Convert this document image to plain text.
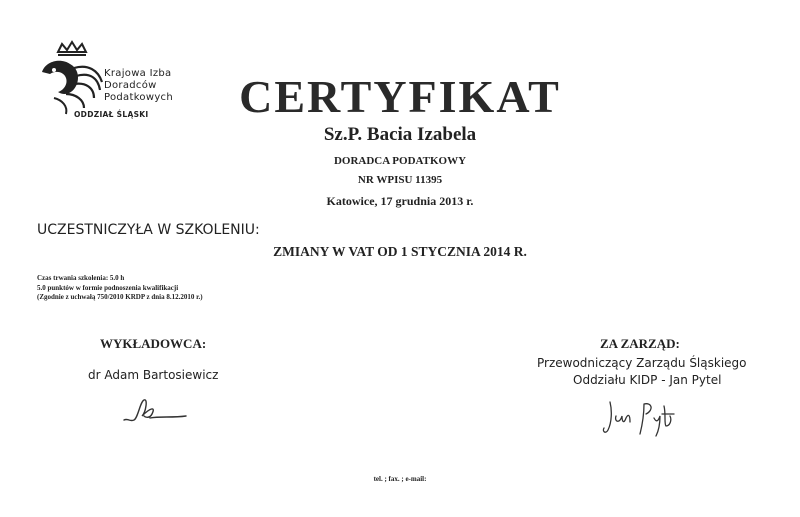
Krajowa Izba
Doradców
Podatkowych
ODDZIAŁ ŚLĄSKI	CERTYFIKAT
Sz.P. Bacia Izabela
DORADCA PODATKOWY
NR WPISU 11395
Katowice, 17 grudnia 2013 r.
UCZESTNICZYŁA W SZKOLENIU:
ZMIANY W VAT OD 1 STYCZNIA 2014 R.
Czas trwania szkolenia: 5.0 h
5.0 punktów w formie podnoszenia kwalifikacji
(Zgodnie z uchwałą 750/2010 KRDP z dnia 8.12.2010 r.)
WYKŁADOWCA:
dr Adam Bartosiewicz
ZA ZARZĄD:
Przewodniczący Zarządu Śląskiego
Oddziału KIDP - Jan Pytel
tel. ; fax. ; e-mail:
